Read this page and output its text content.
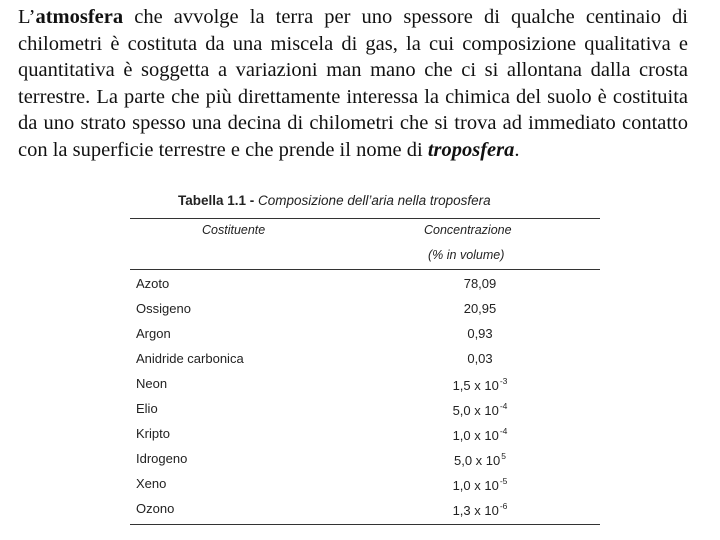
L’atmosfera che avvolge la terra per uno spessore di qualche centinaio di chilometri è costituta da una miscela di gas, la cui composizione qualitativa e quantitativa è soggetta a variazioni man mano che ci si allontana dalla crosta terrestre. La parte che più direttamente interessa la chimica del suolo è costituita da uno strato spesso una decina di chilometri che si trova ad immediato contatto con la superficie terrestre e che prende il nome di troposfera.
Tabella 1.1 - Composizione dell’aria nella troposfera
Costituente	Concentrazione
(% in volume)
Azoto	78,09
Ossigeno	20,95
Argon	0,93
Anidride carbonica	0,03
Neon	1,5 x $10^{-3}$
Elio	5,0 x $10^{-4}$
Kripto	1,0 x $10^{-4}$
Idrogeno	5,0 x $10^5$
Xeno	1,0 x $10^{-5}$
Ozono	1,3 x $10^{-6}$
